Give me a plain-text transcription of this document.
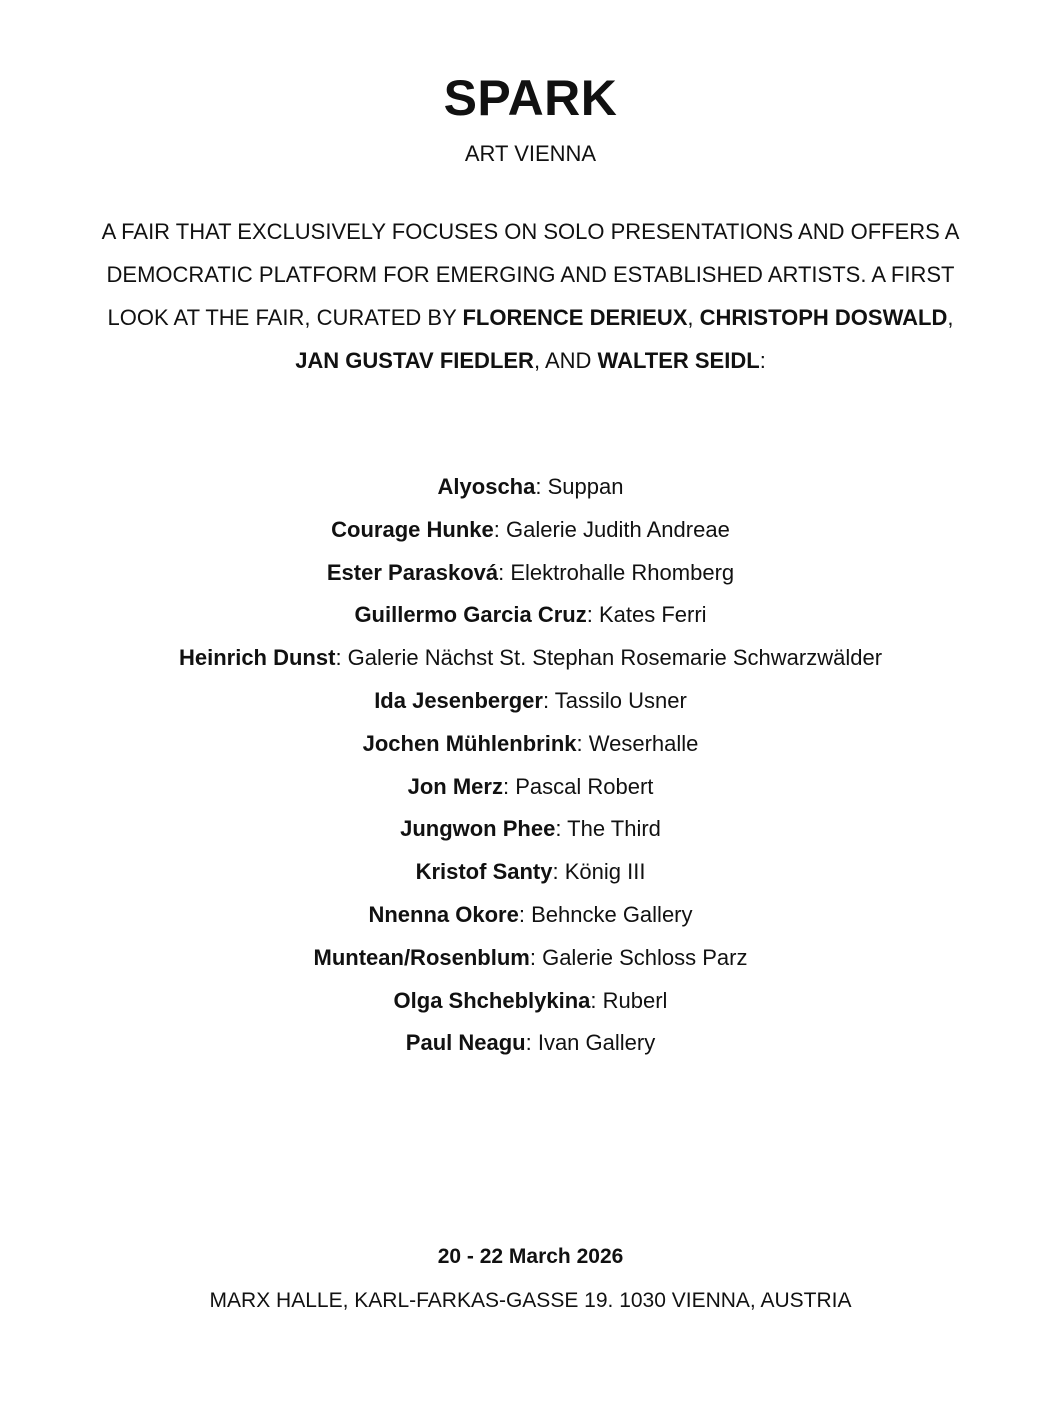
SPARK

ART VIENNA

A FAIR THAT EXCLUSIVELY FOCUSES ON SOLO PRESENTATIONS AND OFFERS A DEMOCRATIC PLATFORM FOR EMERGING AND ESTABLISHED ARTISTS. A FIRST LOOK AT THE FAIR, CURATED BY FLORENCE DERIEUX, CHRISTOPH DOSWALD, JAN GUSTAV FIEDLER, AND WALTER SEIDL:

Alyoscha: Suppan
Courage Hunke: Galerie Judith Andreae
Ester Parasková: Elektrohalle Rhomberg
Guillermo Garcia Cruz: Kates Ferri
Heinrich Dunst: Galerie Nächst St. Stephan Rosemarie Schwarzwälder
Ida Jesenberger: Tassilo Usner
Jochen Mühlenbrink: Weserhalle
Jon Merz: Pascal Robert
Jungwon Phee: The Third
Kristof Santy: König III
Nnenna Okore: Behncke Gallery
Muntean/Rosenblum: Galerie Schloss Parz
Olga Shcheblykina: Ruberl
Paul Neagu: Ivan Gallery

20 - 22 March 2026

MARX HALLE, KARL-FARKAS-GASSE 19. 1030 VIENNA, AUSTRIA
